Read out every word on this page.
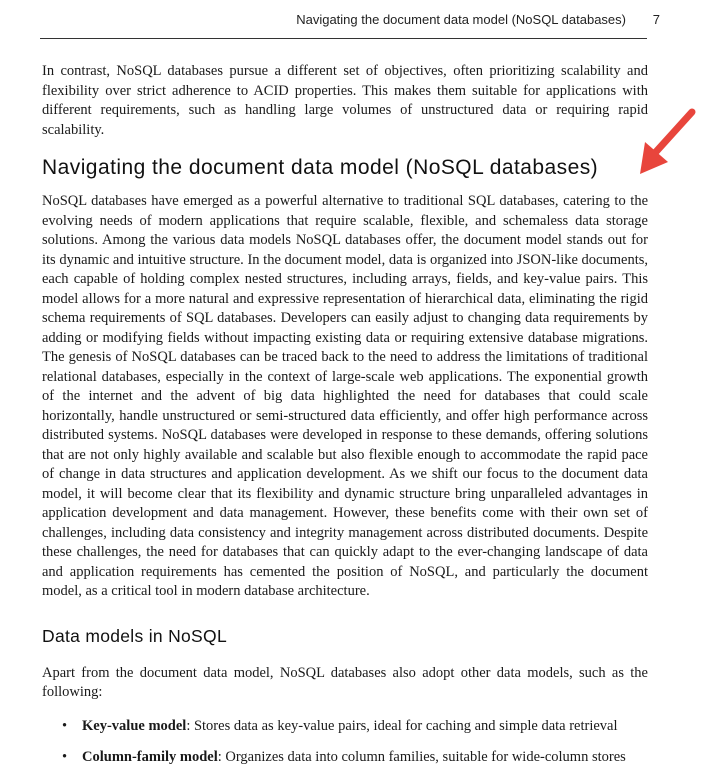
Navigating the document data model (NoSQL databases) 7

In contrast, NoSQL databases pursue a different set of objectives, often prioritizing scalability and flexibility over strict adherence to ACID properties. This makes them suitable for applications with different requirements, such as handling large volumes of unstructured data or requiring rapid scalability.

Navigating the document data model (NoSQL databases)

NoSQL databases have emerged as a powerful alternative to traditional SQL databases, catering to the evolving needs of modern applications that require scalable, flexible, and schemaless data storage solutions. Among the various data models NoSQL databases offer, the document model stands out for its dynamic and intuitive structure. In the document model, data is organized into JSON-like documents, each capable of holding complex nested structures, including arrays, fields, and key-value pairs. This model allows for a more natural and expressive representation of hierarchical data, eliminating the rigid schema requirements of SQL databases. Developers can easily adjust to changing data requirements by adding or modifying fields without impacting existing data or requiring extensive database migrations. The genesis of NoSQL databases can be traced back to the need to address the limitations of traditional relational databases, especially in the context of large-scale web applications. The exponential growth of the internet and the advent of big data highlighted the need for databases that could scale horizontally, handle unstructured or semi-structured data efficiently, and offer high performance across distributed systems. NoSQL databases were developed in response to these demands, offering solutions that are not only highly available and scalable but also flexible enough to accommodate the rapid pace of change in data structures and application development. As we shift our focus to the document data model, it will become clear that its flexibility and dynamic structure bring unparalleled advantages in application development and data management. However, these benefits come with their own set of challenges, including data consistency and integrity management across distributed documents. Despite these challenges, the need for databases that can quickly adapt to the ever-changing landscape of data and application requirements has cemented the position of NoSQL, and particularly the document model, as a critical tool in modern database architecture.

Data models in NoSQL

Apart from the document data model, NoSQL databases also adopt other data models, such as the following:

• Key-value model: Stores data as key-value pairs, ideal for caching and simple data retrieval
• Column-family model: Organizes data into column families, suitable for wide-column stores
